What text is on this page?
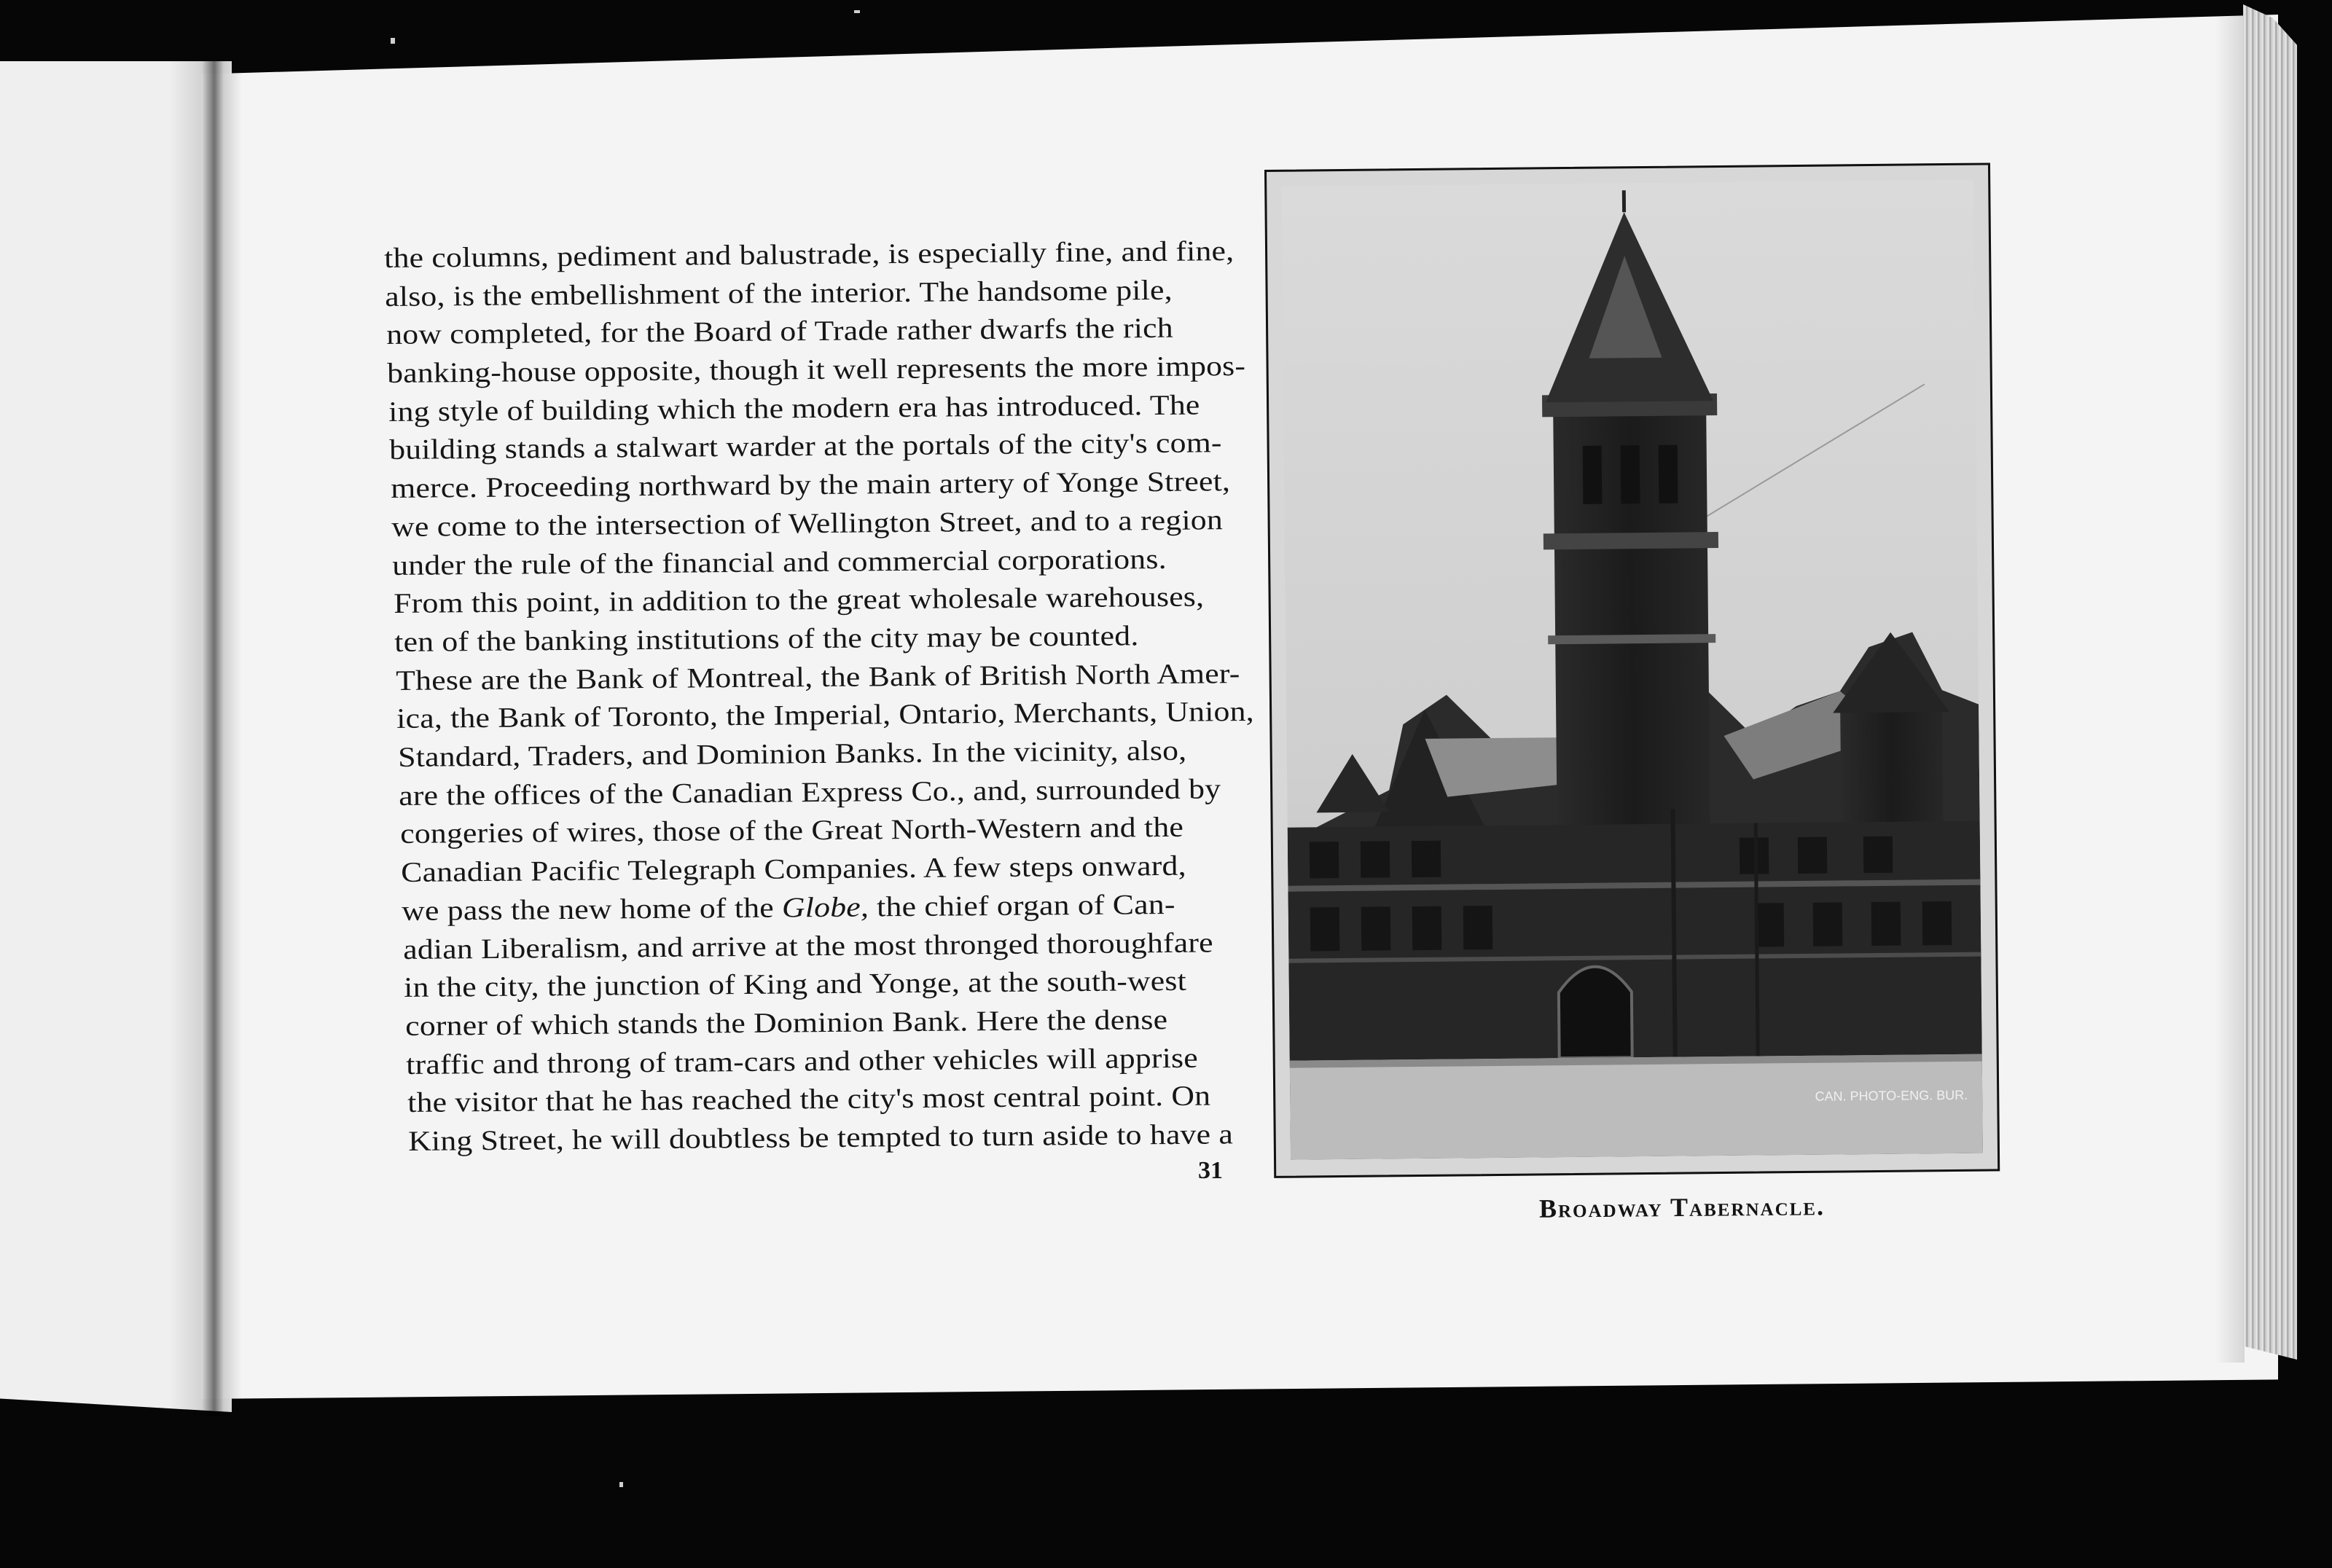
the columns, pediment and balustrade, is especially fine, and fine,
also, is the embellishment of the interior. The handsome pile,
now completed, for the Board of Trade rather dwarfs the rich
banking-house opposite, though it well represents the more impos-
ing style of building which the modern era has introduced. The
building stands a stalwart warder at the portals of the city's com-
merce. Proceeding northward by the main artery of Yonge Street,
we come to the intersection of Wellington Street, and to a region
under the rule of the financial and commercial corporations.
From this point, in addition to the great wholesale warehouses,
ten of the banking institutions of the city may be counted.
These are the Bank of Montreal, the Bank of British North Amer-
ica, the Bank of Toronto, the Imperial, Ontario, Merchants, Union,
Standard, Traders, and Dominion Banks. In the vicinity, also,
are the offices of the Canadian Express Co., and, surrounded by
congeries of wires, those of the Great North-Western and the
Canadian Pacific Telegraph Companies. A few steps onward,
we pass the new home of the Globe, the chief organ of Can-
adian Liberalism, and arrive at the most thronged thoroughfare
in the city, the junction of King and Yonge, at the south-west
corner of which stands the Dominion Bank. Here the dense
traffic and throng of tram-cars and other vehicles will apprise
the visitor that he has reached the city's most central point. On
King Street, he will doubtless be tempted to turn aside to have a
31
CAN. PHOTO-ENG. BUR.
Broadway Tabernacle.
